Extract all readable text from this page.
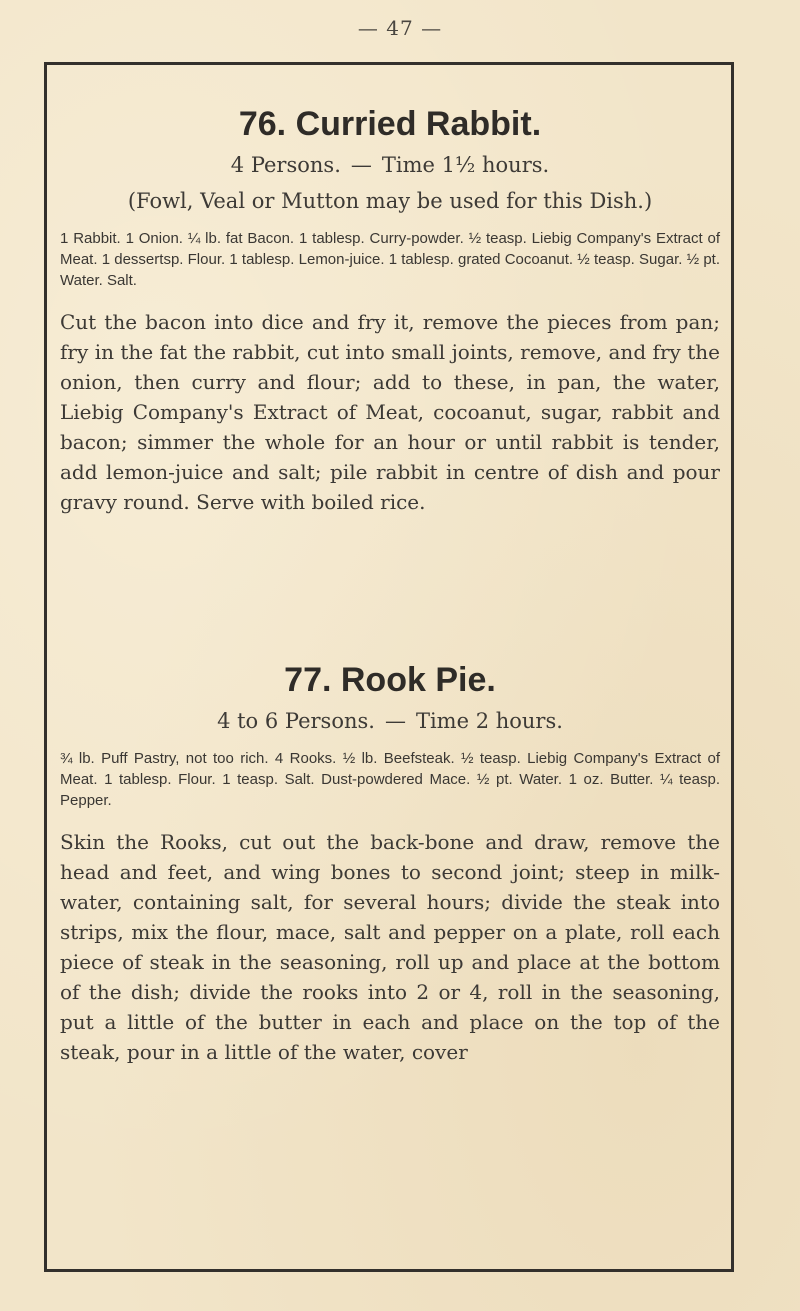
— 47 —
76. Curried Rabbit.

4 Persons. — Time 1½ hours.

(Fowl, Veal or Mutton may be used for this Dish.)

1 Rabbit. 1 Onion. ¼ lb. fat Bacon. 1 tablesp. Curry-powder. ½ teasp. Liebig Company's Extract of Meat. 1 dessertsp. Flour. 1 tablesp. Lemon-juice. 1 tablesp. grated Cocoanut. ½ teasp. Sugar. ½ pt. Water. Salt.

Cut the bacon into dice and fry it, remove the pieces from pan; fry in the fat the rabbit, cut into small joints, remove, and fry the onion, then curry and flour; add to these, in pan, the water, Liebig Company's Extract of Meat, cocoanut, sugar, rabbit and bacon; simmer the whole for an hour or until rabbit is tender, add lemon-juice and salt; pile rabbit in centre of dish and pour gravy round. Serve with boiled rice.

77. Rook Pie.

4 to 6 Persons. — Time 2 hours.

¾ lb. Puff Pastry, not too rich. 4 Rooks. ½ lb. Beefsteak. ½ teasp. Liebig Company's Extract of Meat. 1 tablesp. Flour. 1 teasp. Salt. Dust-powdered Mace. ½ pt. Water. 1 oz. Butter. ¼ teasp. Pepper.

Skin the Rooks, cut out the back-bone and draw, remove the head and feet, and wing bones to second joint; steep in milk-water, containing salt, for several hours; divide the steak into strips, mix the flour, mace, salt and pepper on a plate, roll each piece of steak in the seasoning, roll up and place at the bottom of the dish; divide the rooks into 2 or 4, roll in the seasoning, put a little of the butter in each and place on the top of the steak, pour in a little of the water, cover
